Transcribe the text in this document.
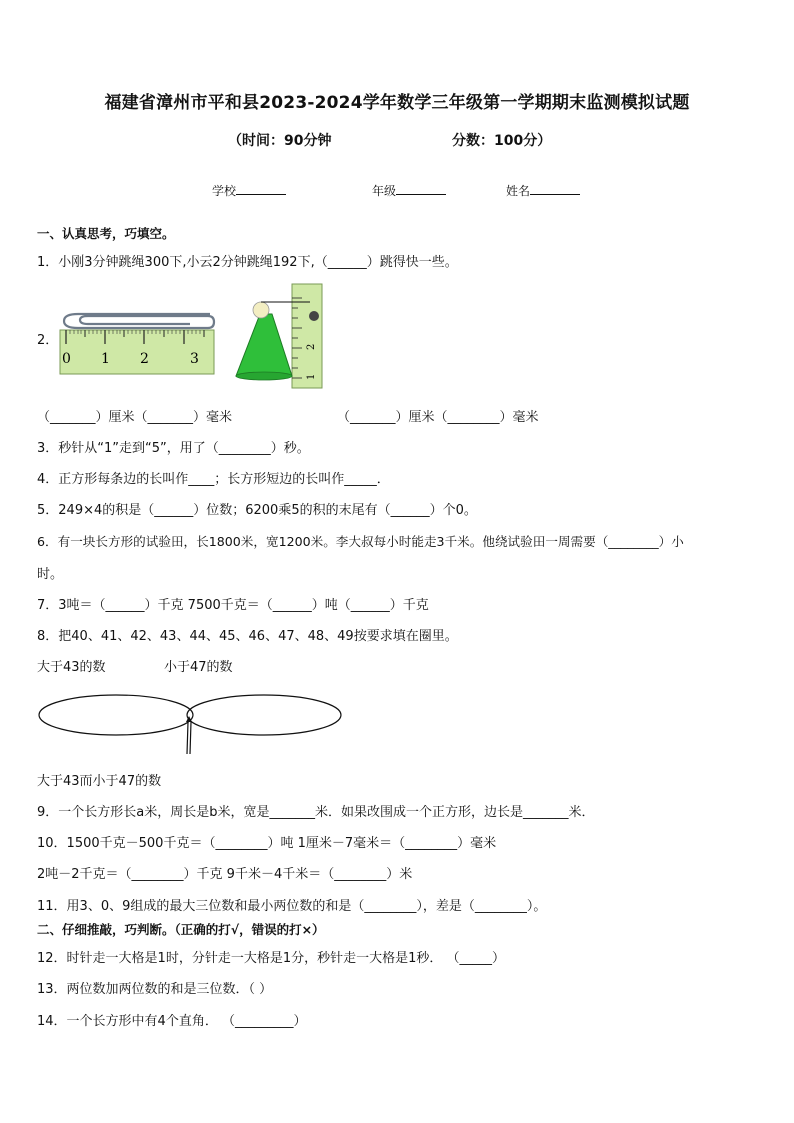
福建省漳州市平和县2023-2024学年数学三年级第一学期期末监测模拟试题
（时间：90分钟	分数：100分）
学校	年级	姓名
一、认真思考，巧填空。
1．小刚3分钟跳绳300下,小云2分钟跳绳192下,（______）跳得快一些。
2．
0 1 2	3
2
1
（_______）厘米（_______）毫米	（_______）厘米（________）毫米
3．秒针从“1”走到“5”，用了（________）秒。
4．正方形每条边的长叫作____；长方形短边的长叫作_____．
5．249×4的积是（______）位数；6200乘5的积的末尾有（______）个0。
6．有一块长方形的试验田，长1800米，宽1200米。李大叔每小时能走3千米。他绕试验田一周需要（________）小
时。
7．3吨＝（______）千克 7500千克＝（______）吨（______）千克
8．把40、41、42、43、44、45、46、47、48、49按要求填在圈里。
大于43的数	小于47的数
大于43而小于47的数
9．一个长方形长a米，周长是b米，宽是_______米．如果改围成一个正方形，边长是_______米．
10．1500千克－500千克＝（________）吨 1厘米－7毫米＝（________）毫米
2吨－2千克＝（________）千克 9千米－4千米＝（________）米
11．用3、0、9组成的最大三位数和最小两位数的和是（________），差是（________）。
二、仔细推敲，巧判断。（正确的打√，错误的打×）
12．时针走一大格是1时，分针走一大格是1分，秒针走一大格是1秒． （_____）
13．两位数加两位数的和是三位数．（ ）
14．一个长方形中有4个直角． （_________）
